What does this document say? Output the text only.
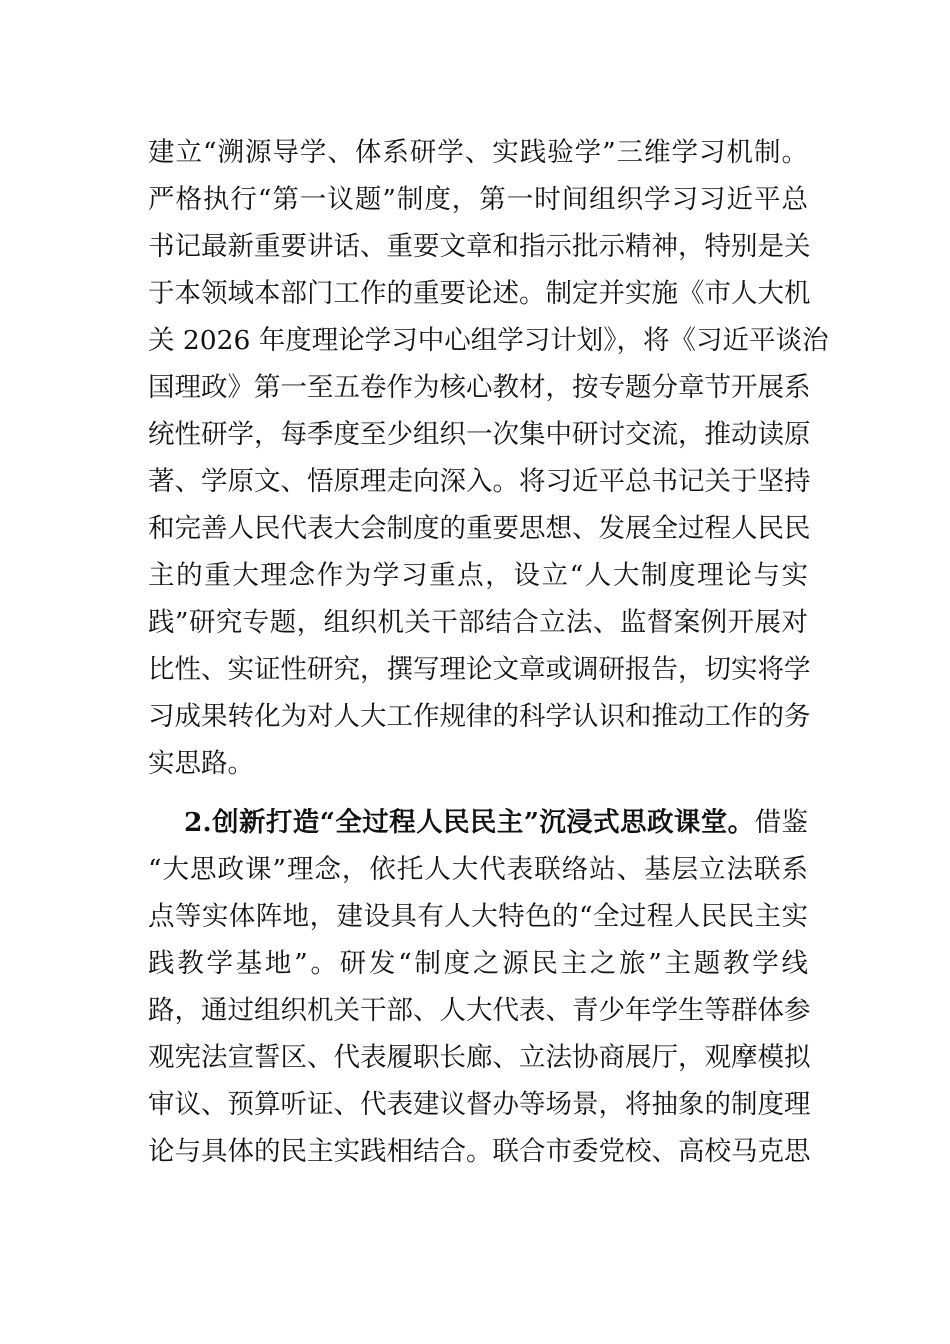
建立“溯源导学、体系研学、实践验学”三维学习机制。
严格执行“第一议题”制度，第一时间组织学习习近平总
书记最新重要讲话、重要文章和指示批示精神，特别是关
于本领域本部门工作的重要论述。制定并实施《市人大机
关 2026 年度理论学习中心组学习计划》，将《习近平谈治
国理政》第一至五卷作为核心教材，按专题分章节开展系
统性研学，每季度至少组织一次集中研讨交流，推动读原
著、学原文、悟原理走向深入。将习近平总书记关于坚持
和完善人民代表大会制度的重要思想、发展全过程人民民
主的重大理念作为学习重点，设立“人大制度理论与实
践”研究专题，组织机关干部结合立法、监督案例开展对
比性、实证性研究，撰写理论文章或调研报告，切实将学
习成果转化为对人大工作规律的科学认识和推动工作的务
实思路。
2.创新打造“全过程人民民主”沉浸式思政课堂。借鉴
“大思政课”理念，依托人大代表联络站、基层立法联系
点等实体阵地，建设具有人大特色的“全过程人民民主实
践教学基地”。研发“制度之源民主之旅”主题教学线
路，通过组织机关干部、人大代表、青少年学生等群体参
观宪法宣誓区、代表履职长廊、立法协商展厅，观摩模拟
审议、预算听证、代表建议督办等场景，将抽象的制度理
论与具体的民主实践相结合。联合市委党校、高校马克思
